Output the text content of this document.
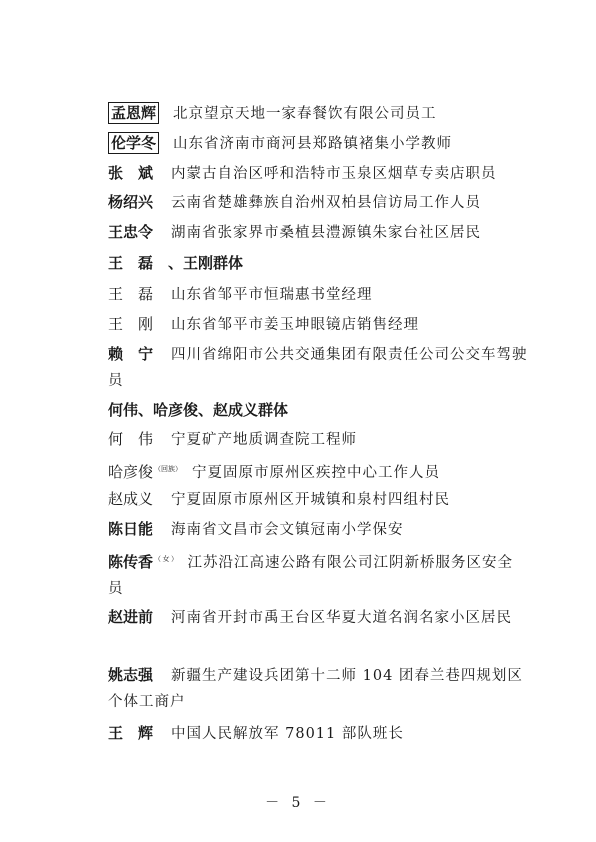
孟恩辉 北京望京天地一家春餐饮有限公司员工
伦学冬 山东省济南市商河县郑路镇褚集小学教师
张　斌 内蒙古自治区呼和浩特市玉泉区烟草专卖店职员
杨绍兴 云南省楚雄彝族自治州双柏县信访局工作人员
王忠令 湖南省张家界市桑植县澧源镇朱家台社区居民
王　磊　、王刚群体
王　磊 山东省邹平市恒瑞惠书堂经理
王　刚 山东省邹平市姜玉坤眼镜店销售经理
赖　宁 四川省绵阳市公共交通集团有限责任公司公交车驾驶员
何伟、哈彦俊、赵成义群体
何　伟 宁夏矿产地质调查院工程师
哈彦俊$^{(回族)}$ 宁夏固原市原州区疾控中心工作人员
赵成义 宁夏固原市原州区开城镇和泉村四组村民
陈日能 海南省文昌市会文镇冠南小学保安
陈传香$^{(女)}$ 江苏沿江高速公路有限公司江阴新桥服务区安全员
赵进前 河南省开封市禹王台区华夏大道名润名家小区居民
姚志强 新疆生产建设兵团第十二师 104 团春兰巷四规划区个体工商户
王　辉 中国人民解放军 78011 部队班长
－ 5 －
